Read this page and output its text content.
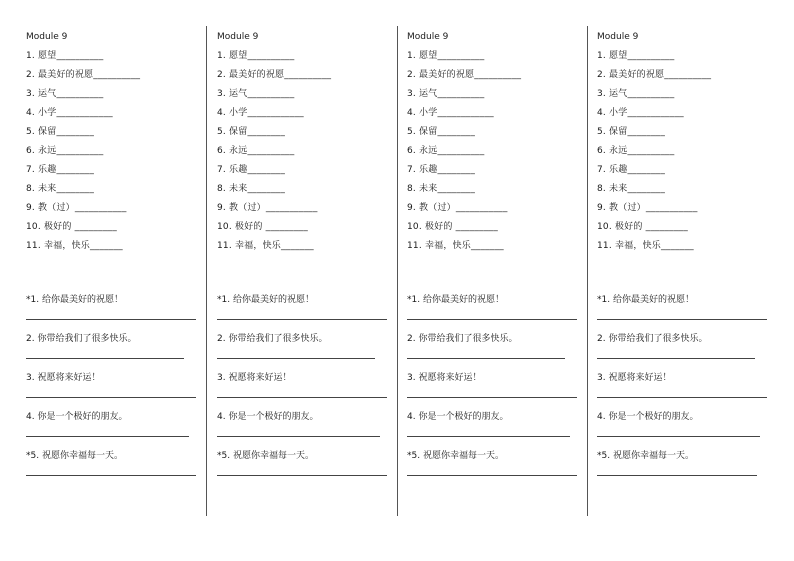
Module 9
1. 愿望__________
2. 最美好的祝愿__________
3. 运气__________
4. 小学____________
5. 保留________
6. 永远__________
7. 乐趣________
8. 未来________
9. 教（过）___________
10. 极好的 _________
11. 幸福，快乐_______

*1. 给你最美好的祝愿！

2. 你带给我们了很多快乐。

3. 祝愿将来好运！

4. 你是一个极好的朋友。

*5. 祝愿你幸福每一天。

Module 9
1. 愿望__________
2. 最美好的祝愿__________
3. 运气__________
4. 小学____________
5. 保留________
6. 永远__________
7. 乐趣________
8. 未来________
9. 教（过）___________
10. 极好的 _________
11. 幸福，快乐_______

*1. 给你最美好的祝愿！

2. 你带给我们了很多快乐。

3. 祝愿将来好运！

4. 你是一个极好的朋友。

*5. 祝愿你幸福每一天。

Module 9
1. 愿望__________
2. 最美好的祝愿__________
3. 运气__________
4. 小学____________
5. 保留________
6. 永远__________
7. 乐趣________
8. 未来________
9. 教（过）___________
10. 极好的 _________
11. 幸福，快乐_______

*1. 给你最美好的祝愿！

2. 你带给我们了很多快乐。

3. 祝愿将来好运！

4. 你是一个极好的朋友。

*5. 祝愿你幸福每一天。

Module 9
1. 愿望__________
2. 最美好的祝愿__________
3. 运气__________
4. 小学____________
5. 保留________
6. 永远__________
7. 乐趣________
8. 未来________
9. 教（过）___________
10. 极好的 _________
11. 幸福，快乐_______

*1. 给你最美好的祝愿！

2. 你带给我们了很多快乐。

3. 祝愿将来好运！

4. 你是一个极好的朋友。

*5. 祝愿你幸福每一天。
